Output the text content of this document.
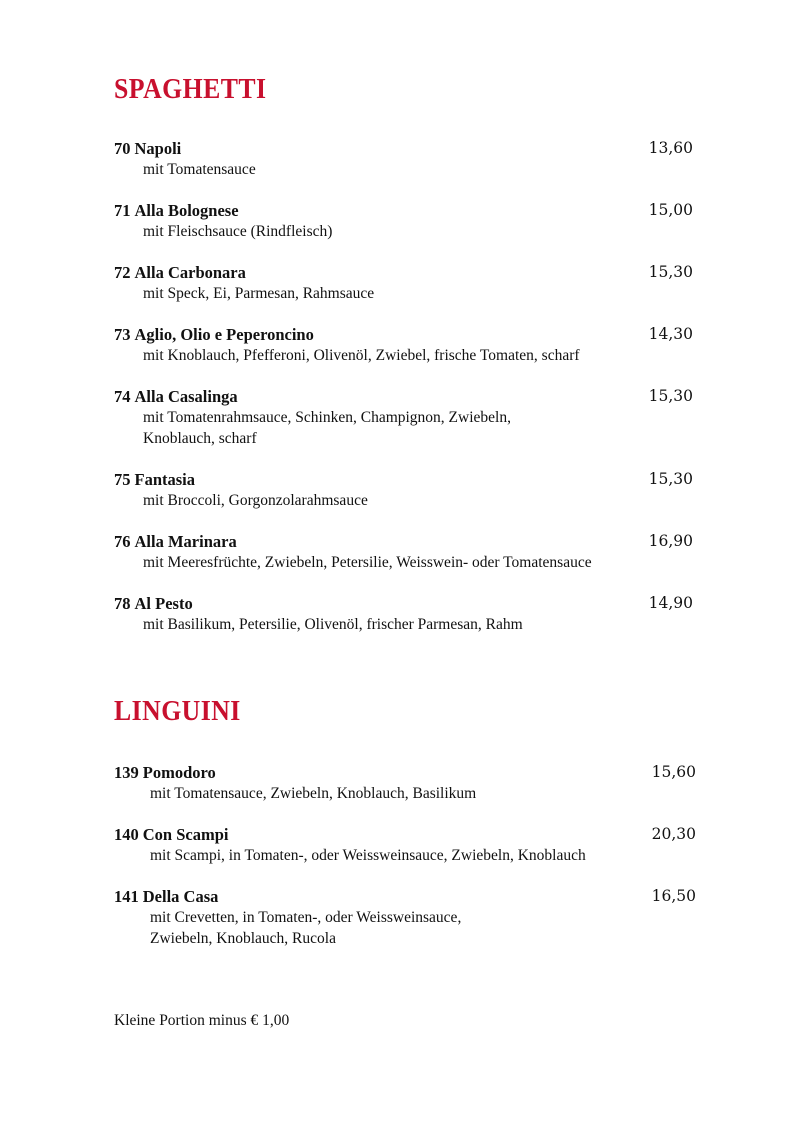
SPAGHETTI
70 Napoli	13,60
mit Tomatensauce
71 Alla Bolognese	15,00
mit Fleischsauce (Rindfleisch)
72 Alla Carbonara	15,30
mit Speck, Ei, Parmesan, Rahmsauce
73 Aglio, Olio e Peperoncino	14,30
mit Knoblauch, Pfefferoni, Olivenöl, Zwiebel, frische Tomaten, scharf
74 Alla Casalinga	15,30
mit Tomatenrahmsauce, Schinken, Champignon, Zwiebeln,
Knoblauch, scharf
75 Fantasia	15,30
mit Broccoli, Gorgonzolarahmsauce
76 Alla Marinara	16,90
mit Meeresfrüchte, Zwiebeln, Petersilie, Weisswein- oder Tomatensauce
78 Al Pesto	14,90
mit Basilikum, Petersilie, Olivenöl, frischer Parmesan, Rahm
LINGUINI
139 Pomodoro	15,60
mit Tomatensauce, Zwiebeln, Knoblauch, Basilikum
140 Con Scampi	20,30
mit Scampi, in Tomaten-, oder Weissweinsauce, Zwiebeln, Knoblauch
141 Della Casa	16,50
mit Crevetten, in Tomaten-, oder Weissweinsauce,
Zwiebeln, Knoblauch, Rucola
Kleine Portion minus € 1,00
